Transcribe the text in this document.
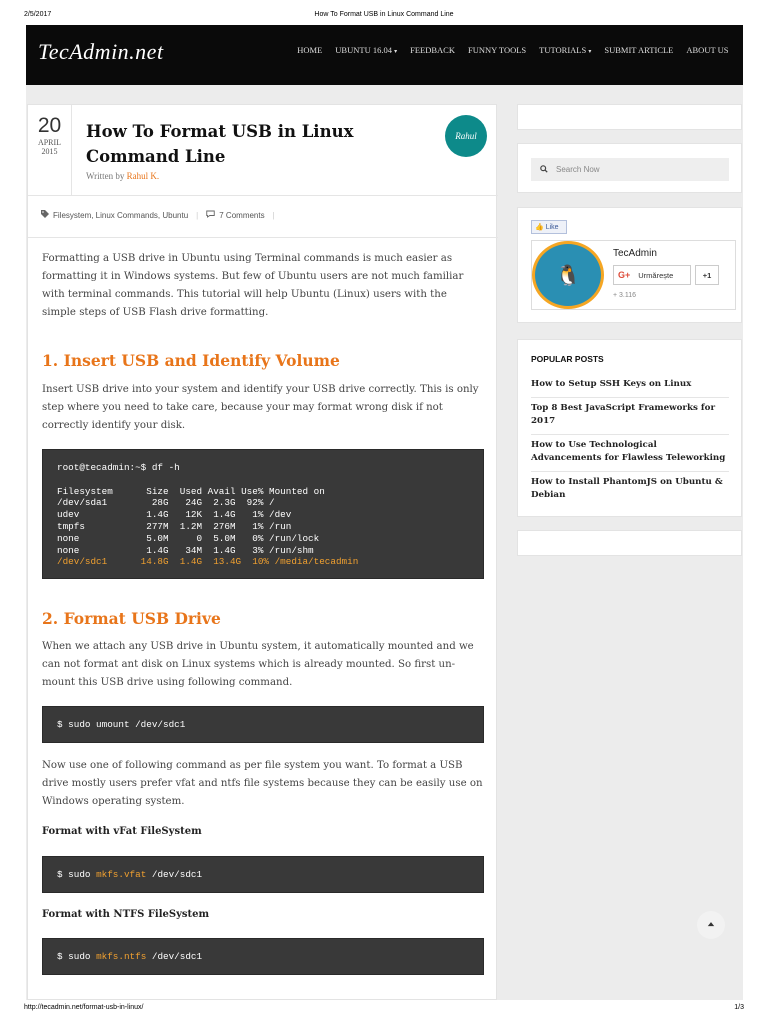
2/5/2017	How To Format USB in Linux Command Line
TecAdmin.net	HOME	UBUNTU 16.04 ▾	FEEDBACK	FUNNY TOOLS	TUTORIALS ▾	SUBMIT ARTICLE	ABOUT US
20
APRIL
2015
How To Format USB in Linux Command Line
Written by Rahul K.
Rahul
Filesystem, Linux Commands, Ubuntu	|	7 Comments	|

Formatting a USB drive in Ubuntu using Terminal commands is much easier as formatting it in Windows systems. But few of Ubuntu users are not much familiar with terminal commands. This tutorial will help Ubuntu (Linux) users with the simple steps of USB Flash drive formatting.

1. Insert USB and Identify Volume

Insert USB drive into your system and identify your USB drive correctly. This is only step where you need to take care, because your may format wrong disk if not correctly identify your disk.

root@tecadmin:~$ df -h

Filesystem      Size  Used Avail Use% Mounted on
/dev/sda1        28G   24G  2.3G  92% /
udev            1.4G   12K  1.4G   1% /dev
tmpfs           277M  1.2M  276M   1% /run
none            5.0M     0  5.0M   0% /run/lock
none            1.4G   34M  1.4G   3% /run/shm
/dev/sdc1      14.8G  1.4G  13.4G  10% /media/tecadmin
2. Format USB Drive

When we attach any USB drive in Ubuntu system, it automatically mounted and we can not format ant disk on Linux systems which is already mounted. So first un-mount this USB drive using following command.

$ sudo umount /dev/sdc1

Now use one of following command as per file system you want. To format a USB drive mostly users prefer vfat and ntfs file systems because they can be easily use on Windows operating system.

Format with vFat FileSystem
$ sudo mkfs.vfat /dev/sdc1
Format with NTFS FileSystem
$ sudo mkfs.ntfs /dev/sdc1
Search Now
👍 Like
🐧
TecAdmin
G+ Urmărește	+1
+ 3.116
POPULAR POSTS
How to Setup SSH Keys on Linux
Top 8 Best JavaScript Frameworks for 2017
How to Use Technological Advancements for Flawless Teleworking
How to Install PhantomJS on Ubuntu & Debian
http://tecadmin.net/format-usb-in-linux/	1/3
